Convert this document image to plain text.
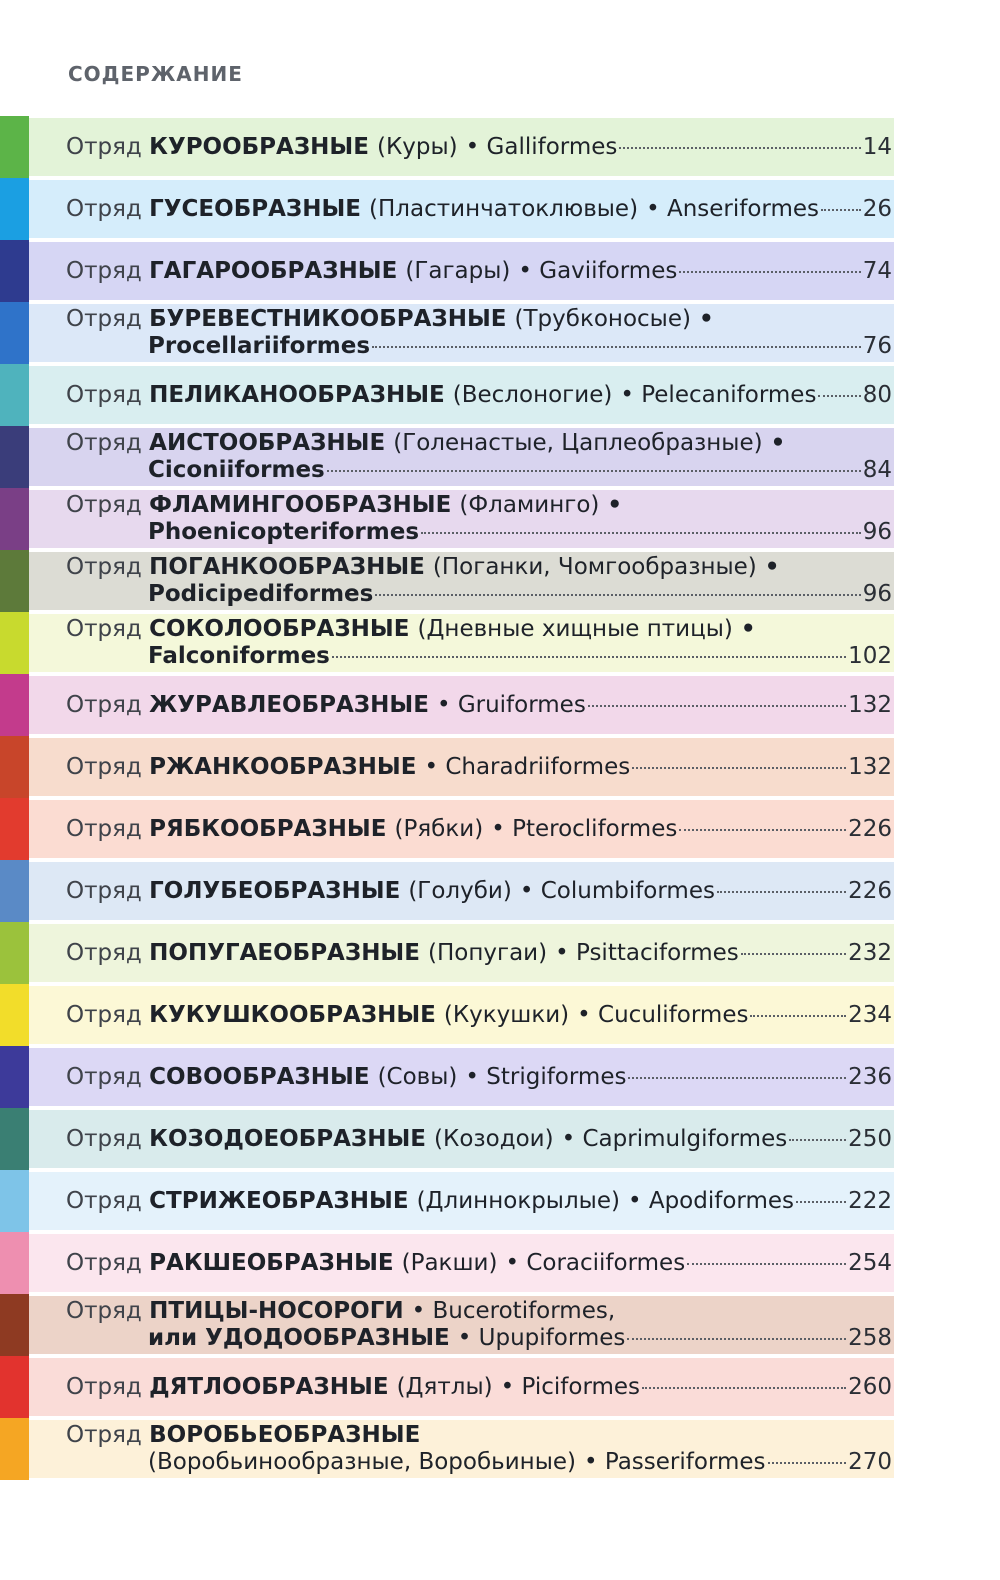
СОДЕРЖАНИЕ
Отряд
КУРООБРАЗНЫЕ (Куры) • Galliformes	14
Отряд
ГУСЕОБРАЗНЫЕ (Пластинчатоклювые) • Anseriformes 26
Отряд
ГАГАРООБРАЗНЫЕ (Гагары) • Gaviiformes	74
Отряд
БУРЕВЕСТНИКООБРАЗНЫЕ (Трубконосые) •
Procellariiformes	76
Отряд
ПЕЛИКАНООБРАЗНЫЕ (Веслоногие) • Pelecaniformes 80
Отряд
АИСТООБРАЗНЫЕ (Голенастые, Цаплеобразные) •
Ciconiiformes	84
Отряд
ФЛАМИНГООБРАЗНЫЕ (Фламинго) •
Phoenicopteriformes	96
Отряд
ПОГАНКООБРАЗНЫЕ (Поганки, Чомгообразные) •
Podicipediformes	96
Отряд
СОКОЛООБРАЗНЫЕ (Дневные хищные птицы) •
Falconiformes	102
Отряд
ЖУРАВЛЕОБРАЗНЫЕ • Gruiformes	132
Отряд
РЖАНКООБРАЗНЫЕ • Charadriiformes	132
Отряд
РЯБКООБРАЗНЫЕ (Рябки) • Pterocliformes	226
Отряд
ГОЛУБЕОБРАЗНЫЕ (Голуби) • Columbiformes	226
Отряд
ПОПУГАЕОБРАЗНЫЕ (Попугаи) • Psittaciformes	232
Отряд
КУКУШКООБРАЗНЫЕ (Кукушки) • Cuculiformes	234
Отряд
СОВООБРАЗНЫЕ (Совы) • Strigiformes	236
Отряд
КОЗОДОЕОБРАЗНЫЕ (Козодои) • Caprimulgiformes	250
Отряд
СТРИЖЕОБРАЗНЫЕ (Длиннокрылые) • Apodiformes 222
Отряд
РАКШЕОБРАЗНЫЕ (Ракши) • Coraciiformes	254
Отряд
ПТИЦЫ-НОСОРОГИ • Bucerotiformes,
или УДОДООБРАЗНЫЕ • Upupiformes	258
Отряд
ДЯТЛООБРАЗНЫЕ (Дятлы) • Piciformes	260
Отряд
ВОРОБЬЕОБРАЗНЫЕ
(Воробьинообразные, Воробьиные) • Passeriformes	270
